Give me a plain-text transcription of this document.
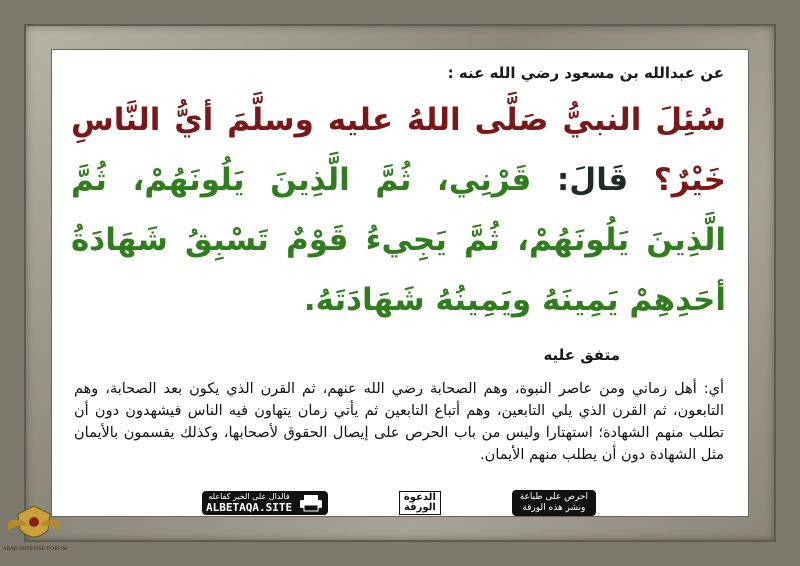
عن عبدالله بن مسعود رضي الله عنه :
سُئِلَ النبيُّ صَلَّى اللهُ عليه وسلَّمَ أيُّ النَّاسِ خَيْرٌ؟ قَالَ: قَرْنِي، ثُمَّ الَّذِينَ يَلُونَهُمْ، ثُمَّ الَّذِينَ يَلُونَهُمْ، ثُمَّ يَجِيءُ قَوْمٌ تَسْبِقُ شَهَادَةُ أحَدِهِمْ يَمِينَهُ ويَمِينُهُ شَهَادَتَهُ.
متفق عليه
أي: أهل زماني ومن عاصر النبوة، وهم الصحابة رضي الله عنهم، ثم القرن الذي يكون بعد الصحابة، وهم التابعون، ثم القرن الذي يلي التابعين، وهم أتباع التابعين ثم يأتي زمان يتهاون فيه الناس فيشهدون دون أن تطلب منهم الشهادة؛ استهتارا وليس من باب الحرص على إيصال الحقوق لأصحابها، وكذلك يقسمون بالأيمان مثل الشهادة دون أن يطلب منهم الأيمان.
فالدال على الخير كفاعله
ALBETAQA.SITE
الدعوة
الورقة
احرص على طباعة
ونشر هذه الورقة
ARAB DEFENSE FORUM
